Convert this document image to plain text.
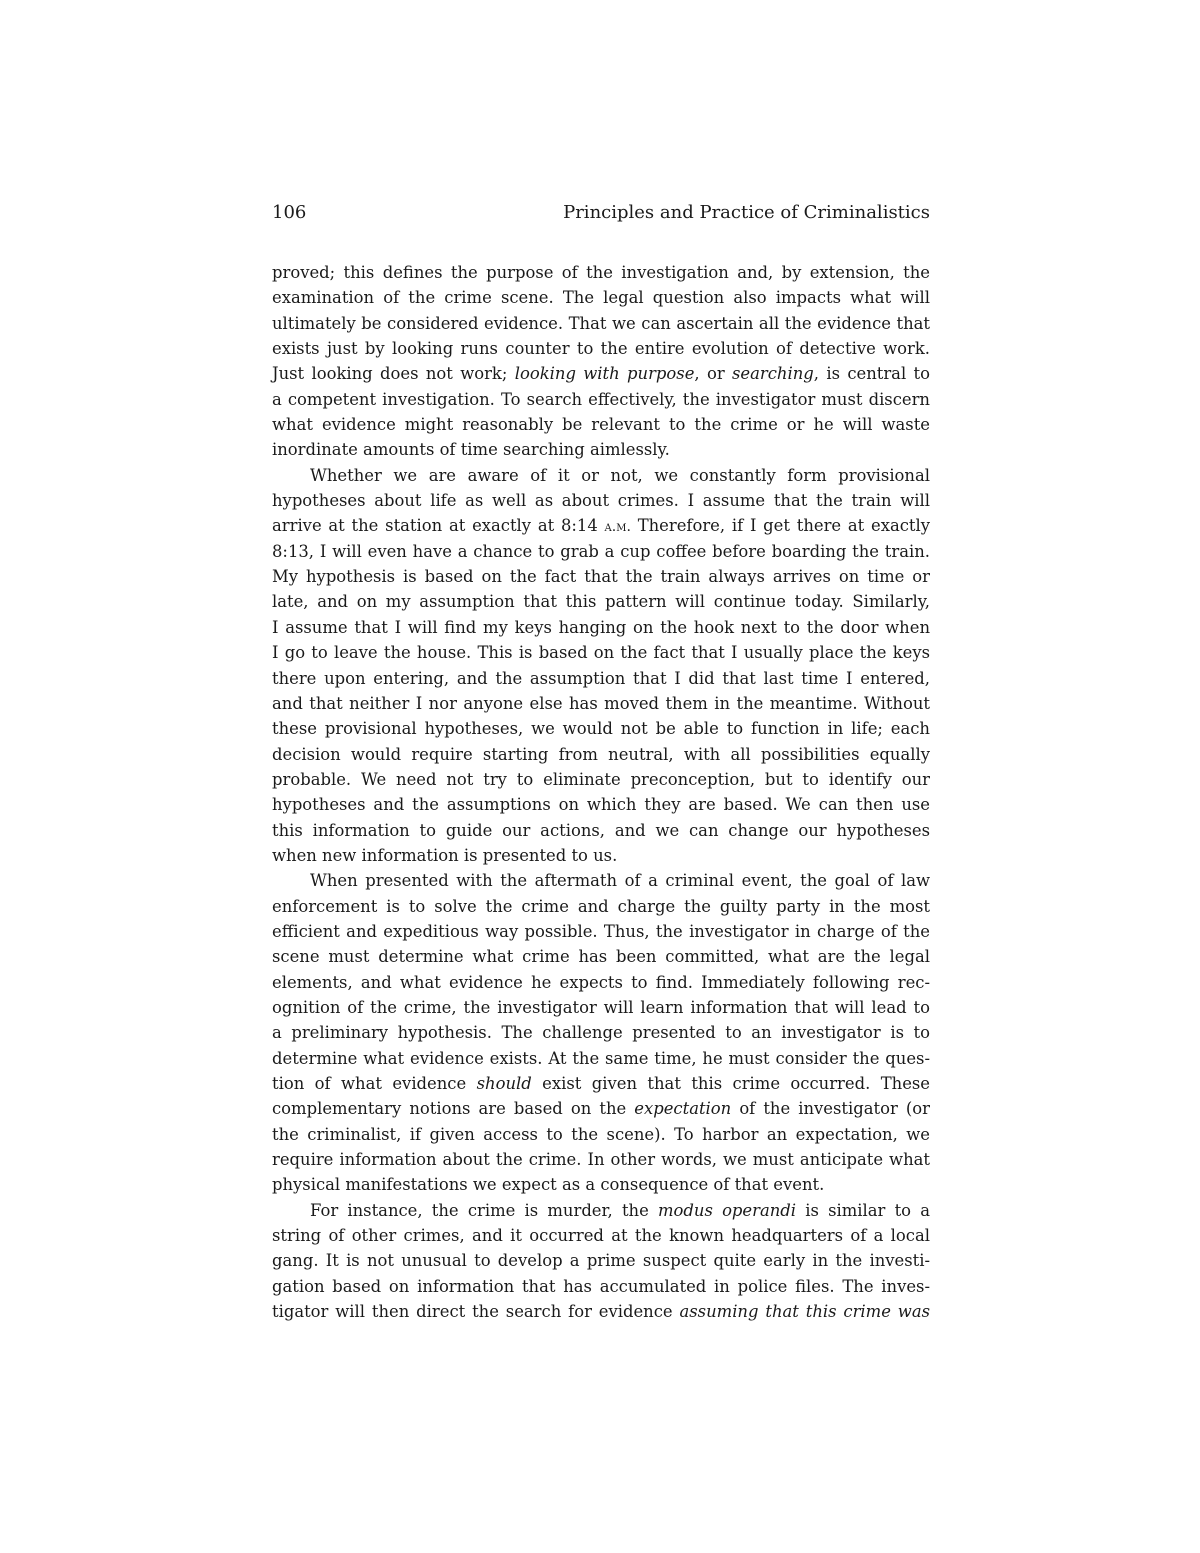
106	Principles and Practice of Criminalistics
proved; this defines the purpose of the investigation and, by extension, the
examination of the crime scene. The legal question also impacts what will
ultimately be considered evidence. That we can ascertain all the evidence that
exists just by looking runs counter to the entire evolution of detective work.
Just looking does not work; looking with purpose, or searching, is central to
a competent investigation. To search effectively, the investigator must discern
what evidence might reasonably be relevant to the crime or he will waste
inordinate amounts of time searching aimlessly.
Whether we are aware of it or not, we constantly form provisional
hypotheses about life as well as about crimes. I assume that the train will
arrive at the station at exactly at 8:14 a.m. Therefore, if I get there at exactly
8:13, I will even have a chance to grab a cup coffee before boarding the train.
My hypothesis is based on the fact that the train always arrives on time or
late, and on my assumption that this pattern will continue today. Similarly,
I assume that I will find my keys hanging on the hook next to the door when
I go to leave the house. This is based on the fact that I usually place the keys
there upon entering, and the assumption that I did that last time I entered,
and that neither I nor anyone else has moved them in the meantime. Without
these provisional hypotheses, we would not be able to function in life; each
decision would require starting from neutral, with all possibilities equally
probable. We need not try to eliminate preconception, but to identify our
hypotheses and the assumptions on which they are based. We can then use
this information to guide our actions, and we can change our hypotheses
when new information is presented to us.
When presented with the aftermath of a criminal event, the goal of law
enforcement is to solve the crime and charge the guilty party in the most
efficient and expeditious way possible. Thus, the investigator in charge of the
scene must determine what crime has been committed, what are the legal
elements, and what evidence he expects to find. Immediately following rec-
ognition of the crime, the investigator will learn information that will lead to
a preliminary hypothesis. The challenge presented to an investigator is to
determine what evidence exists. At the same time, he must consider the ques-
tion of what evidence should exist given that this crime occurred. These
complementary notions are based on the expectation of the investigator (or
the criminalist, if given access to the scene). To harbor an expectation, we
require information about the crime. In other words, we must anticipate what
physical manifestations we expect as a consequence of that event.
For instance, the crime is murder, the modus operandi is similar to a
string of other crimes, and it occurred at the known headquarters of a local
gang. It is not unusual to develop a prime suspect quite early in the investi-
gation based on information that has accumulated in police files. The inves-
tigator will then direct the search for evidence assuming that this crime was
